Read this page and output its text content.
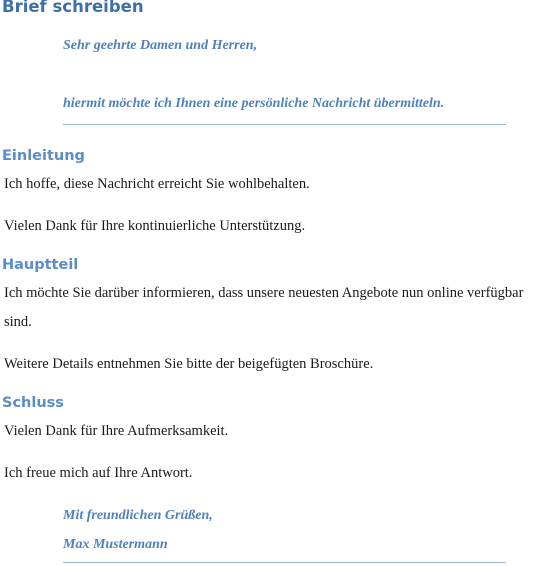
Brief schreiben

Sehr geehrte Damen und Herren,

hiermit möchte ich Ihnen eine persönliche Nachricht übermitteln.

Einleitung

Ich hoffe, diese Nachricht erreicht Sie wohlbehalten.

Vielen Dank für Ihre kontinuierliche Unterstützung.

Hauptteil

Ich möchte Sie darüber informieren, dass unsere neuesten Angebote nun online verfügbar

sind.

Weitere Details entnehmen Sie bitte der beigefügten Broschüre.

Schluss

Vielen Dank für Ihre Aufmerksamkeit.

Ich freue mich auf Ihre Antwort.

Mit freundlichen Grüßen,

Max Mustermann
